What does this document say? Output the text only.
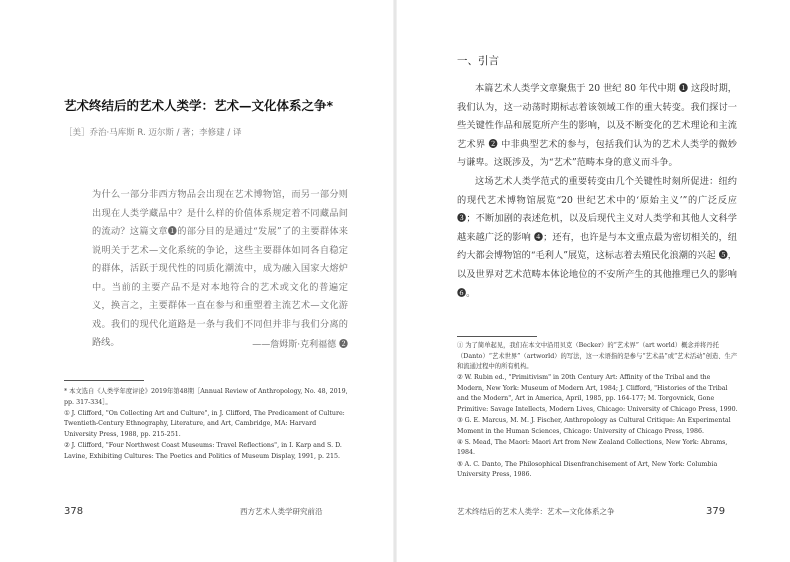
艺术终结后的艺术人类学：艺术—文化体系之争*
［美］乔治·马库斯 R. 迈尔斯 / 著；李修建 / 译
为什么一部分非西方物品会出现在艺术博物馆，而另一部分则出现在人类学藏品中？是什么样的价值体系规定着不同藏品间的流动？这篇文章❶的部分目的是通过“发展”了的主要群体来说明关于艺术—文化系统的争论，这些主要群体如同各自稳定的群体，活跃于现代性的同质化潮流中，成为融入国家大熔炉中。当前的主要产品不是对本地符合的艺术或文化的普遍定义，换言之，主要群体一直在参与和重塑着主流艺术—文化游戏。我们的现代化道路是一条与我们不同但并非与我们分离的路线。	——詹姆斯·克利福德 ❷

* 本文选自《人类学年度评论》2019年第48期［Annual Review of Anthropology, No. 48, 2019, pp. 317-334］。

① J. Clifford, "On Collecting Art and Culture", in J. Clifford, The Predicament of Culture: Twentieth-Century Ethnography, Literature, and Art, Cambridge, MA: Harvard University Press, 1988, pp. 215-251.

② J. Clifford, "Four Northwest Coast Museums: Travel Reflections", in I. Karp and S. D. Lavine, Exhibiting Cultures: The Poetics and Politics of Museum Display, 1991, p. 215.

378	西方艺术人类学研究前沿
一、引言

本篇艺术人类学文章聚焦于 20 世纪 80 年代中期 ❶ 这段时期，我们认为，这一动荡时期标志着该领域工作的重大转变。我们探讨一些关键性作品和展览所产生的影响，以及不断变化的艺术理论和主流艺术界 ❷ 中非典型艺术的参与，包括我们认为的艺术人类学的微妙与谦卑。这既涉及，为“艺术”范畴本身的意义而斗争。

这场艺术人类学范式的重要转变由几个关键性时刻所促进：纽约的现代艺术博物馆展览“20 世纪艺术中的‘原始主义’”的广泛反应 ❸；不断加剧的表述危机，以及后现代主义对人类学和其他人文科学越来越广泛的影响 ❹；还有，也许是与本文重点最为密切相关的，纽约大都会博物馆的“毛利人”展览，这标志着去殖民化浪潮的兴起 ❺，以及世界对艺术范畴本体论地位的不安所产生的其他推理已久的影响 ❻。

① 为了简单起见，我们在本文中沿用贝克（Becker）的“艺术界”（art world）概念并将丹托（Danto）“艺术世界”（artworld）的写法，这一术语指的是参与“艺术品”或“艺术活动”创造、生产和流通过程中的所有机构。

② W. Rubin ed., "Primitivism" in 20th Century Art: Affinity of the Tribal and the Modern, New York: Museum of Modern Art, 1984; J. Clifford, "Histories of the Tribal and the Modern", Art in America, April, 1985, pp. 164-177; M. Torgovnick, Gone Primitive: Savage Intellects, Modern Lives, Chicago: University of Chicago Press, 1990.

③ G. E. Marcus, M. M. J. Fischer, Anthropology as Cultural Critique: An Experimental Moment in the Human Sciences, Chicago: University of Chicago Press, 1986.

④ S. Mead, The Maori: Maori Art from New Zealand Collections, New York: Abrams, 1984.

⑤ A. C. Danto, The Philosophical Disenfranchisement of Art, New York: Columbia University Press, 1986.

艺术终结后的艺术人类学：艺术—文化体系之争	379
